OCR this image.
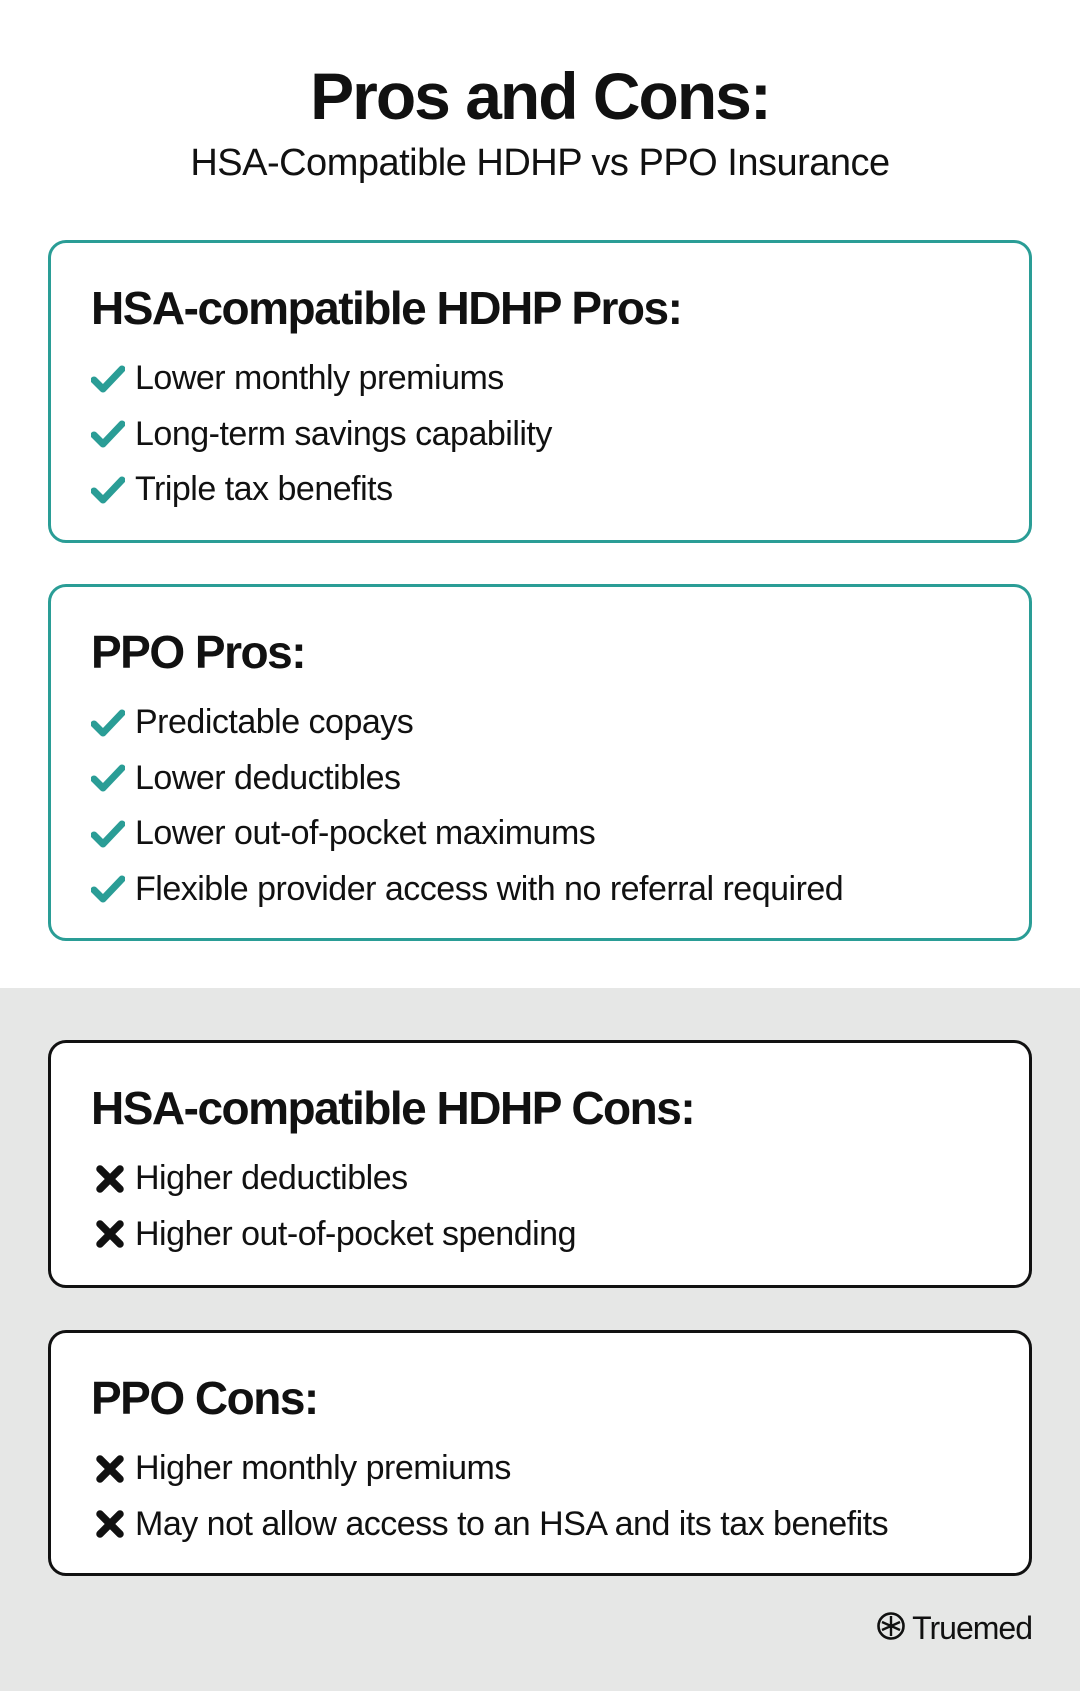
Pros and Cons:
HSA-Compatible HDHP vs PPO Insurance
HSA-compatible HDHP Pros:
Lower monthly premiums
Long-term savings capability
Triple tax benefits
PPO Pros:
Predictable copays
Lower deductibles
Lower out-of-pocket maximums
Flexible provider access with no referral required
HSA-compatible HDHP Cons:
Higher deductibles
Higher out-of-pocket spending
PPO Cons:
Higher monthly premiums
May not allow access to an HSA and its tax benefits
Truemed
